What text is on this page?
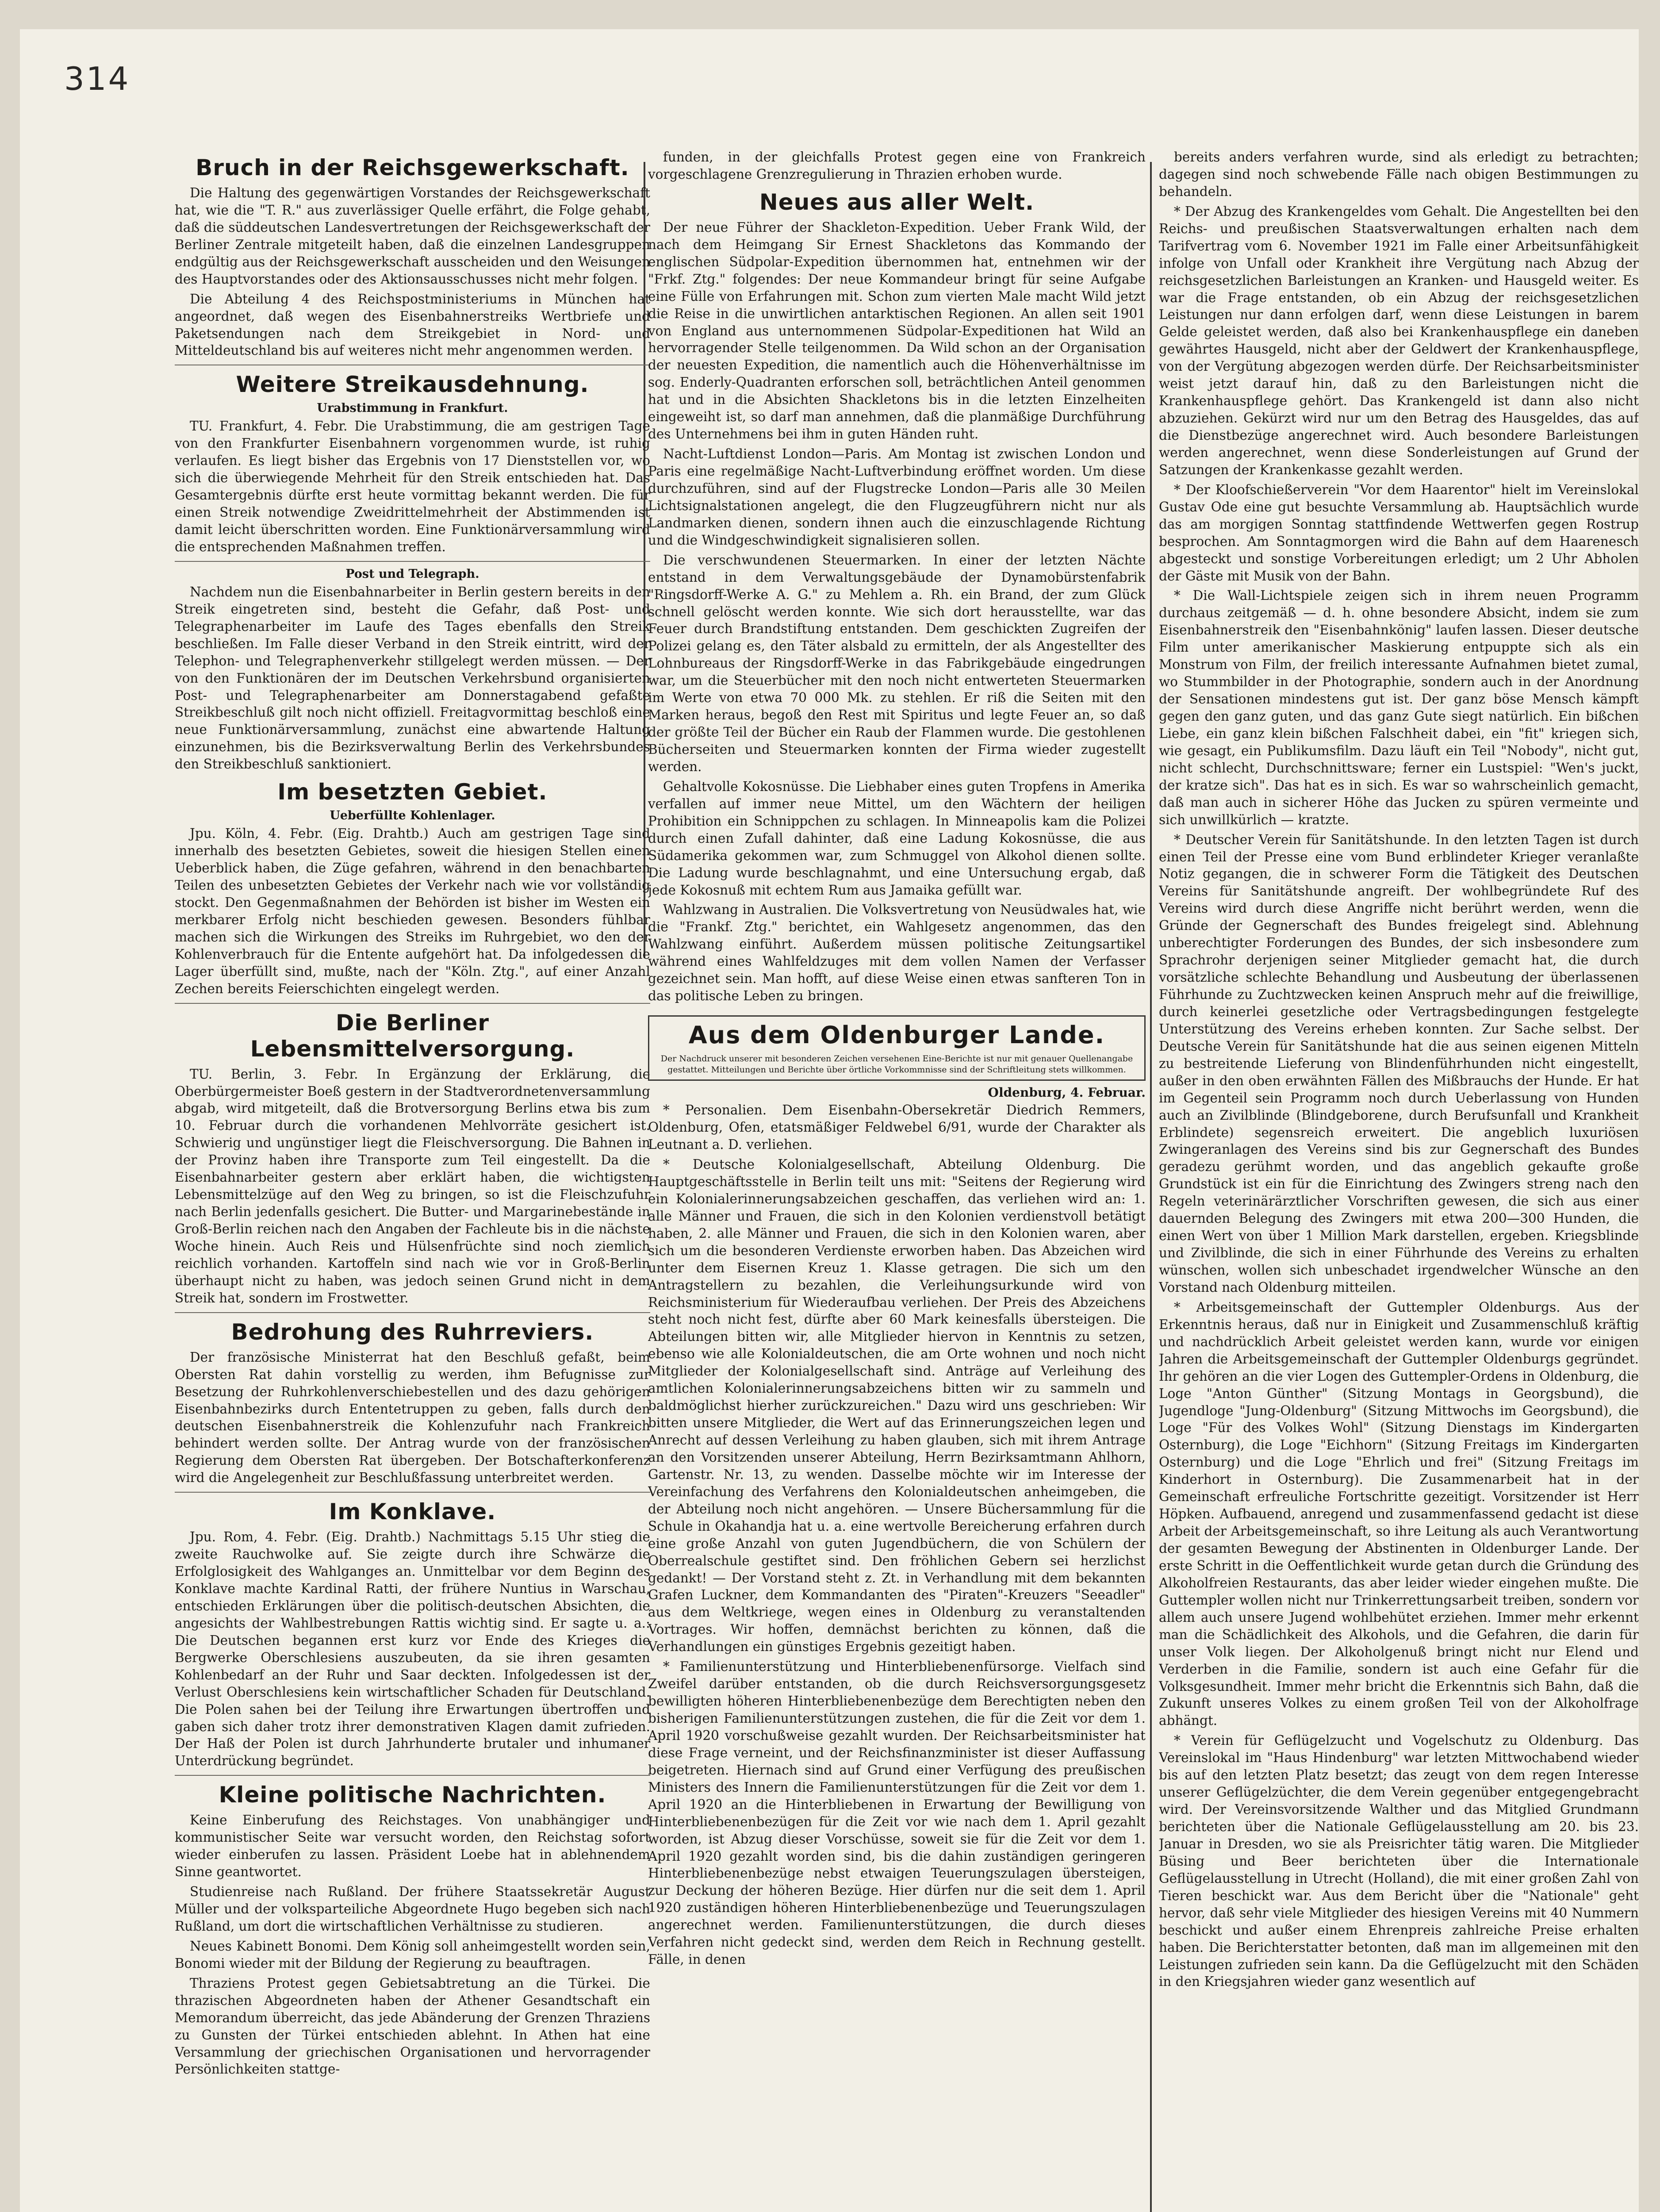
314
Bruch in der Reichsgewerkschaft.

Die Haltung des gegenwärtigen Vorstandes der Reichsgewerkschaft hat, wie die "T. R." aus zuverlässiger Quelle erfährt, die Folge gehabt, daß die süddeutschen Landesvertretungen der Reichsgewerkschaft der Berliner Zentrale mitgeteilt haben, daß die einzelnen Landesgruppen endgültig aus der Reichsgewerkschaft ausscheiden und den Weisungen des Hauptvorstandes oder des Aktionsausschusses nicht mehr folgen.

Die Abteilung 4 des Reichspostministeriums in München hat angeordnet, daß wegen des Eisenbahnerstreiks Wertbriefe und Paketsendungen nach dem Streikgebiet in Nord- und Mitteldeutschland bis auf weiteres nicht mehr angenommen werden.

Weitere Streikausdehnung.
Urabstimmung in Frankfurt.

TU. Frankfurt, 4. Febr. Die Urabstimmung, die am gestrigen Tage von den Frankfurter Eisenbahnern vorgenommen wurde, ist ruhig verlaufen. Es liegt bisher das Ergebnis von 17 Dienststellen vor, wo sich die überwiegende Mehrheit für den Streik entschieden hat. Das Gesamtergebnis dürfte erst heute vormittag bekannt werden. Die für einen Streik notwendige Zweidrittelmehrheit der Abstimmenden ist damit leicht überschritten worden. Eine Funktionärversammlung wird die entsprechenden Maßnahmen treffen.

Post und Telegraph.

Nachdem nun die Eisenbahnarbeiter in Berlin gestern bereits in den Streik eingetreten sind, besteht die Gefahr, daß Post- und Telegraphenarbeiter im Laufe des Tages ebenfalls den Streik beschließen. Im Falle dieser Verband in den Streik eintritt, wird der Telephon- und Telegraphenverkehr stillgelegt werden müssen. — Der von den Funktionären der im Deutschen Verkehrsbund organisierten Post- und Telegraphenarbeiter am Donnerstagabend gefaßte Streikbeschluß gilt noch nicht offiziell. Freitagvormittag beschloß eine neue Funktionärversammlung, zunächst eine abwartende Haltung einzunehmen, bis die Bezirksverwaltung Berlin des Verkehrsbundes den Streikbeschluß sanktioniert.

Im besetzten Gebiet.
Ueberfüllte Kohlenlager.

Jpu. Köln, 4. Febr. (Eig. Drahtb.) Auch am gestrigen Tage sind innerhalb des besetzten Gebietes, soweit die hiesigen Stellen einen Ueberblick haben, die Züge gefahren, während in den benachbarten Teilen des unbesetzten Gebietes der Verkehr nach wie vor vollständig stockt. Den Gegenmaßnahmen der Behörden ist bisher im Westen ein merkbarer Erfolg nicht beschieden gewesen. Besonders fühlbar machen sich die Wirkungen des Streiks im Ruhrgebiet, wo den der Kohlenverbrauch für die Entente aufgehört hat. Da infolgedessen die Lager überfüllt sind, mußte, nach der "Köln. Ztg.", auf einer Anzahl Zechen bereits Feierschichten eingelegt werden.

Die Berliner Lebensmittelversorgung.

TU. Berlin, 3. Febr. In Ergänzung der Erklärung, die Oberbürgermeister Boeß gestern in der Stadtverordnetenversammlung abgab, wird mitgeteilt, daß die Brotversorgung Berlins etwa bis zum 10. Februar durch die vorhandenen Mehlvorräte gesichert ist. Schwierig und ungünstiger liegt die Fleischversorgung. Die Bahnen in der Provinz haben ihre Transporte zum Teil eingestellt. Da die Eisenbahnarbeiter gestern aber erklärt haben, die wichtigsten Lebensmittelzüge auf den Weg zu bringen, so ist die Fleischzufuhr nach Berlin jedenfalls gesichert. Die Butter- und Margarinebestände in Groß-Berlin reichen nach den Angaben der Fachleute bis in die nächste Woche hinein. Auch Reis und Hülsenfrüchte sind noch ziemlich reichlich vorhanden. Kartoffeln sind nach wie vor in Groß-Berlin überhaupt nicht zu haben, was jedoch seinen Grund nicht in dem Streik hat, sondern im Frostwetter.

Bedrohung des Ruhrreviers.

Der französische Ministerrat hat den Beschluß gefaßt, beim Obersten Rat dahin vorstellig zu werden, ihm Befugnisse zur Besetzung der Ruhrkohlenverschiebestellen und des dazu gehörigen Eisenbahnbezirks durch Ententetruppen zu geben, falls durch den deutschen Eisenbahnerstreik die Kohlenzufuhr nach Frankreich behindert werden sollte. Der Antrag wurde von der französischen Regierung dem Obersten Rat übergeben. Der Botschafterkonferenz wird die Angelegenheit zur Beschlußfassung unterbreitet werden.

Im Konklave.

Jpu. Rom, 4. Febr. (Eig. Drahtb.) Nachmittags 5.15 Uhr stieg die zweite Rauchwolke auf. Sie zeigte durch ihre Schwärze die Erfolglosigkeit des Wahlganges an. Unmittelbar vor dem Beginn des Konklave machte Kardinal Ratti, der frühere Nuntius in Warschau, entschieden Erklärungen über die politisch-deutschen Absichten, die angesichts der Wahlbestrebungen Rattis wichtig sind. Er sagte u. a.: Die Deutschen begannen erst kurz vor Ende des Krieges die Bergwerke Oberschlesiens auszubeuten, da sie ihren gesamten Kohlenbedarf an der Ruhr und Saar deckten. Infolgedessen ist der Verlust Oberschlesiens kein wirtschaftlicher Schaden für Deutschland. Die Polen sahen bei der Teilung ihre Erwartungen übertroffen und gaben sich daher trotz ihrer demonstrativen Klagen damit zufrieden. Der Haß der Polen ist durch Jahrhunderte brutaler und inhumaner Unterdrückung begründet.

Kleine politische Nachrichten.

Keine Einberufung des Reichstages. Von unabhängiger und kommunistischer Seite war versucht worden, den Reichstag sofort wieder einberufen zu lassen. Präsident Loebe hat in ablehnendem Sinne geantwortet.

Studienreise nach Rußland. Der frühere Staatssekretär August Müller und der volksparteiliche Abgeordnete Hugo begeben sich nach Rußland, um dort die wirtschaftlichen Verhältnisse zu studieren.

Neues Kabinett Bonomi. Dem König soll anheimgestellt worden sein, Bonomi wieder mit der Bildung der Regierung zu beauftragen.

Thraziens Protest gegen Gebietsabtretung an die Türkei. Die thrazischen Abgeordneten haben der Athener Gesandtschaft ein Memorandum überreicht, das jede Abänderung der Grenzen Thraziens zu Gunsten der Türkei entschieden ablehnt. In Athen hat eine Versammlung der griechischen Organisationen und hervorragender Persönlichkeiten stattge-

funden, in der gleichfalls Protest gegen eine von Frankreich vorgeschlagene Grenzregulierung in Thrazien erhoben wurde.

Neues aus aller Welt.

Der neue Führer der Shackleton-Expedition. Ueber Frank Wild, der nach dem Heimgang Sir Ernest Shackletons das Kommando der englischen Südpolar-Expedition übernommen hat, entnehmen wir der "Frkf. Ztg." folgendes: Der neue Kommandeur bringt für seine Aufgabe eine Fülle von Erfahrungen mit. Schon zum vierten Male macht Wild jetzt die Reise in die unwirtlichen antarktischen Regionen. An allen seit 1901 von England aus unternommenen Südpolar-Expeditionen hat Wild an hervorragender Stelle teilgenommen. Da Wild schon an der Organisation der neuesten Expedition, die namentlich auch die Höhenverhältnisse im sog. Enderly-Quadranten erforschen soll, beträchtlichen Anteil genommen hat und in die Absichten Shackletons bis in die letzten Einzelheiten eingeweiht ist, so darf man annehmen, daß die planmäßige Durchführung des Unternehmens bei ihm in guten Händen ruht.

Nacht-Luftdienst London—Paris. Am Montag ist zwischen London und Paris eine regelmäßige Nacht-Luftverbindung eröffnet worden. Um diese durchzuführen, sind auf der Flugstrecke London—Paris alle 30 Meilen Lichtsignalstationen angelegt, die den Flugzeugführern nicht nur als Landmarken dienen, sondern ihnen auch die einzuschlagende Richtung und die Windgeschwindigkeit signalisieren sollen.

Die verschwundenen Steuermarken. In einer der letzten Nächte entstand in dem Verwaltungsgebäude der Dynamobürstenfabrik "Ringsdorff-Werke A. G." zu Mehlem a. Rh. ein Brand, der zum Glück schnell gelöscht werden konnte. Wie sich dort herausstellte, war das Feuer durch Brandstiftung entstanden. Dem geschickten Zugreifen der Polizei gelang es, den Täter alsbald zu ermitteln, der als Angestellter des Lohnbureaus der Ringsdorff-Werke in das Fabrikgebäude eingedrungen war, um die Steuerbücher mit den noch nicht entwerteten Steuermarken im Werte von etwa 70 000 Mk. zu stehlen. Er riß die Seiten mit den Marken heraus, begoß den Rest mit Spiritus und legte Feuer an, so daß der größte Teil der Bücher ein Raub der Flammen wurde. Die gestohlenen Bücherseiten und Steuermarken konnten der Firma wieder zugestellt werden.

Gehaltvolle Kokosnüsse. Die Liebhaber eines guten Tropfens in Amerika verfallen auf immer neue Mittel, um den Wächtern der heiligen Prohibition ein Schnippchen zu schlagen. In Minneapolis kam die Polizei durch einen Zufall dahinter, daß eine Ladung Kokosnüsse, die aus Südamerika gekommen war, zum Schmuggel von Alkohol dienen sollte. Die Ladung wurde beschlagnahmt, und eine Untersuchung ergab, daß jede Kokosnuß mit echtem Rum aus Jamaika gefüllt war.

Wahlzwang in Australien. Die Volksvertretung von Neusüdwales hat, wie die "Frankf. Ztg." berichtet, ein Wahlgesetz angenommen, das den Wahlzwang einführt. Außerdem müssen politische Zeitungsartikel während eines Wahlfeldzuges mit dem vollen Namen der Verfasser gezeichnet sein. Man hofft, auf diese Weise einen etwas sanfteren Ton in das politische Leben zu bringen.

Aus dem Oldenburger Lande.
Der Nachdruck unserer mit besonderen Zeichen versehenen Eine-Berichte ist nur mit genauer Quellenangabe gestattet. Mitteilungen und Berichte über örtliche Vorkommnisse sind der Schriftleitung stets willkommen.
Oldenburg, 4. Februar.

* Personalien. Dem Eisenbahn-Obersekretär Diedrich Remmers, Oldenburg, Ofen, etatsmäßiger Feldwebel 6/91, wurde der Charakter als Leutnant a. D. verliehen.

* Deutsche Kolonialgesellschaft, Abteilung Oldenburg. Die Hauptgeschäftsstelle in Berlin teilt uns mit: "Seitens der Regierung wird ein Kolonialerinnerungsabzeichen geschaffen, das verliehen wird an: 1. alle Männer und Frauen, die sich in den Kolonien verdienstvoll betätigt haben, 2. alle Männer und Frauen, die sich in den Kolonien waren, aber sich um die besonderen Verdienste erworben haben. Das Abzeichen wird unter dem Eisernen Kreuz 1. Klasse getragen. Die sich um den Antragstellern zu bezahlen, die Verleihungsurkunde wird von Reichsministerium für Wiederaufbau verliehen. Der Preis des Abzeichens steht noch nicht fest, dürfte aber 60 Mark keinesfalls übersteigen. Die Abteilungen bitten wir, alle Mitglieder hiervon in Kenntnis zu setzen, ebenso wie alle Kolonialdeutschen, die am Orte wohnen und noch nicht Mitglieder der Kolonialgesellschaft sind. Anträge auf Verleihung des amtlichen Kolonialerinnerungsabzeichens bitten wir zu sammeln und baldmöglichst hierher zurückzureichen." Dazu wird uns geschrieben: Wir bitten unsere Mitglieder, die Wert auf das Erinnerungszeichen legen und Anrecht auf dessen Verleihung zu haben glauben, sich mit ihrem Antrage an den Vorsitzenden unserer Abteilung, Herrn Bezirksamtmann Ahlhorn, Gartenstr. Nr. 13, zu wenden. Dasselbe möchte wir im Interesse der Vereinfachung des Verfahrens den Kolonialdeutschen anheimgeben, die der Abteilung noch nicht angehören. — Unsere Büchersammlung für die Schule in Okahandja hat u. a. eine wertvolle Bereicherung erfahren durch eine große Anzahl von guten Jugendbüchern, die von Schülern der Oberrealschule gestiftet sind. Den fröhlichen Gebern sei herzlichst gedankt! — Der Vorstand steht z. Zt. in Verhandlung mit dem bekannten Grafen Luckner, dem Kommandanten des "Piraten"-Kreuzers "Seeadler" aus dem Weltkriege, wegen eines in Oldenburg zu veranstaltenden Vortrages. Wir hoffen, demnächst berichten zu können, daß die Verhandlungen ein günstiges Ergebnis gezeitigt haben.

* Familienunterstützung und Hinterbliebenenfürsorge. Vielfach sind Zweifel darüber entstanden, ob die durch Reichsversorgungsgesetz bewilligten höheren Hinterbliebenenbezüge dem Berechtigten neben den bisherigen Familienunterstützungen zustehen, die für die Zeit vor dem 1. April 1920 vorschußweise gezahlt wurden. Der Reichsarbeitsminister hat diese Frage verneint, und der Reichsfinanzminister ist dieser Auffassung beigetreten. Hiernach sind auf Grund einer Verfügung des preußischen Ministers des Innern die Familienunterstützungen für die Zeit vor dem 1. April 1920 an die Hinterbliebenen in Erwartung der Bewilligung von Hinterbliebenenbezügen für die Zeit vor wie nach dem 1. April gezahlt worden, ist Abzug dieser Vorschüsse, soweit sie für die Zeit vor dem 1. April 1920 gezahlt worden sind, bis die dahin zuständigen geringeren Hinterbliebenenbezüge nebst etwaigen Teuerungszulagen übersteigen, zur Deckung der höheren Bezüge. Hier dürfen nur die seit dem 1. April 1920 zuständigen höheren Hinterbliebenenbezüge und Teuerungszulagen angerechnet werden. Familienunterstützungen, die durch dieses Verfahren nicht gedeckt sind, werden dem Reich in Rechnung gestellt. Fälle, in denen

bereits anders verfahren wurde, sind als erledigt zu betrachten; dagegen sind noch schwebende Fälle nach obigen Bestimmungen zu behandeln.

* Der Abzug des Krankengeldes vom Gehalt. Die Angestellten bei den Reichs- und preußischen Staatsverwaltungen erhalten nach dem Tarifvertrag vom 6. November 1921 im Falle einer Arbeitsunfähigkeit infolge von Unfall oder Krankheit ihre Vergütung nach Abzug der reichsgesetzlichen Barleistungen an Kranken- und Hausgeld weiter. Es war die Frage entstanden, ob ein Abzug der reichsgesetzlichen Leistungen nur dann erfolgen darf, wenn diese Leistungen in barem Gelde geleistet werden, daß also bei Krankenhauspflege ein daneben gewährtes Hausgeld, nicht aber der Geldwert der Krankenhauspflege, von der Vergütung abgezogen werden dürfe. Der Reichsarbeitsminister weist jetzt darauf hin, daß zu den Barleistungen nicht die Krankenhauspflege gehört. Das Krankengeld ist dann also nicht abzuziehen. Gekürzt wird nur um den Betrag des Hausgeldes, das auf die Dienstbezüge angerechnet wird. Auch besondere Barleistungen werden angerechnet, wenn diese Sonderleistungen auf Grund der Satzungen der Krankenkasse gezahlt werden.

* Der Kloofschießerverein "Vor dem Haarentor" hielt im Vereinslokal Gustav Ode eine gut besuchte Versammlung ab. Hauptsächlich wurde das am morgigen Sonntag stattfindende Wettwerfen gegen Rostrup besprochen. Am Sonntagmorgen wird die Bahn auf dem Haarenesch abgesteckt und sonstige Vorbereitungen erledigt; um 2 Uhr Abholen der Gäste mit Musik von der Bahn.

* Die Wall-Lichtspiele zeigen sich in ihrem neuen Programm durchaus zeitgemäß — d. h. ohne besondere Absicht, indem sie zum Eisenbahnerstreik den "Eisenbahnkönig" laufen lassen. Dieser deutsche Film unter amerikanischer Maskierung entpuppte sich als ein Monstrum von Film, der freilich interessante Aufnahmen bietet zumal, wo Stummbilder in der Photographie, sondern auch in der Anordnung der Sensationen mindestens gut ist. Der ganz böse Mensch kämpft gegen den ganz guten, und das ganz Gute siegt natürlich. Ein bißchen Liebe, ein ganz klein bißchen Falschheit dabei, ein "fit" kriegen sich, wie gesagt, ein Publikumsfilm. Dazu läuft ein Teil "Nobody", nicht gut, nicht schlecht, Durchschnittsware; ferner ein Lustspiel: "Wen's juckt, der kratze sich". Das hat es in sich. Es war so wahrscheinlich gemacht, daß man auch in sicherer Höhe das Jucken zu spüren vermeinte und sich unwillkürlich — kratzte.

* Deutscher Verein für Sanitätshunde. In den letzten Tagen ist durch einen Teil der Presse eine vom Bund erblindeter Krieger veranlaßte Notiz gegangen, die in schwerer Form die Tätigkeit des Deutschen Vereins für Sanitätshunde angreift. Der wohlbegründete Ruf des Vereins wird durch diese Angriffe nicht berührt werden, wenn die Gründe der Gegnerschaft des Bundes freigelegt sind. Ablehnung unberechtigter Forderungen des Bundes, der sich insbesondere zum Sprachrohr derjenigen seiner Mitglieder gemacht hat, die durch vorsätzliche schlechte Behandlung und Ausbeutung der überlassenen Führhunde zu Zuchtzwecken keinen Anspruch mehr auf die freiwillige, durch keinerlei gesetzliche oder Vertragsbedingungen festgelegte Unterstützung des Vereins erheben konnten. Zur Sache selbst. Der Deutsche Verein für Sanitätshunde hat die aus seinen eigenen Mitteln zu bestreitende Lieferung von Blindenführhunden nicht eingestellt, außer in den oben erwähnten Fällen des Mißbrauchs der Hunde. Er hat im Gegenteil sein Programm noch durch Ueberlassung von Hunden auch an Zivilblinde (Blindgeborene, durch Berufsunfall und Krankheit Erblindete) segensreich erweitert. Die angeblich luxuriösen Zwingeranlagen des Vereins sind bis zur Gegnerschaft des Bundes geradezu gerühmt worden, und das angeblich gekaufte große Grundstück ist ein für die Einrichtung des Zwingers streng nach den Regeln veterinärärztlicher Vorschriften gewesen, die sich aus einer dauernden Belegung des Zwingers mit etwa 200—300 Hunden, die einen Wert von über 1 Million Mark darstellen, ergeben. Kriegsblinde und Zivilblinde, die sich in einer Führhunde des Vereins zu erhalten wünschen, wollen sich unbeschadet irgendwelcher Wünsche an den Vorstand nach Oldenburg mitteilen.

* Arbeitsgemeinschaft der Guttempler Oldenburgs. Aus der Erkenntnis heraus, daß nur in Einigkeit und Zusammenschluß kräftig und nachdrücklich Arbeit geleistet werden kann, wurde vor einigen Jahren die Arbeitsgemeinschaft der Guttempler Oldenburgs gegründet. Ihr gehören an die vier Logen des Guttempler-Ordens in Oldenburg, die Loge "Anton Günther" (Sitzung Montags in Georgsbund), die Jugendloge "Jung-Oldenburg" (Sitzung Mittwochs im Georgsbund), die Loge "Für des Volkes Wohl" (Sitzung Dienstags im Kindergarten Osternburg), die Loge "Eichhorn" (Sitzung Freitags im Kindergarten Osternburg) und die Loge "Ehrlich und frei" (Sitzung Freitags im Kinderhort in Osternburg). Die Zusammenarbeit hat in der Gemeinschaft erfreuliche Fortschritte gezeitigt. Vorsitzender ist Herr Höpken. Aufbauend, anregend und zusammenfassend gedacht ist diese Arbeit der Arbeitsgemeinschaft, so ihre Leitung als auch Verantwortung der gesamten Bewegung der Abstinenten in Oldenburger Lande. Der erste Schritt in die Oeffentlichkeit wurde getan durch die Gründung des Alkoholfreien Restaurants, das aber leider wieder eingehen mußte. Die Guttempler wollen nicht nur Trinkerrettungsarbeit treiben, sondern vor allem auch unsere Jugend wohlbehütet erziehen. Immer mehr erkennt man die Schädlichkeit des Alkohols, und die Gefahren, die darin für unser Volk liegen. Der Alkoholgenuß bringt nicht nur Elend und Verderben in die Familie, sondern ist auch eine Gefahr für die Volksgesundheit. Immer mehr bricht die Erkenntnis sich Bahn, daß die Zukunft unseres Volkes zu einem großen Teil von der Alkoholfrage abhängt.

* Verein für Geflügelzucht und Vogelschutz zu Oldenburg. Das Vereinslokal im "Haus Hindenburg" war letzten Mittwochabend wieder bis auf den letzten Platz besetzt; das zeugt von dem regen Interesse unserer Geflügelzüchter, die dem Verein gegenüber entgegengebracht wird. Der Vereinsvorsitzende Walther und das Mitglied Grundmann berichteten über die Nationale Geflügelausstellung am 20. bis 23. Januar in Dresden, wo sie als Preisrichter tätig waren. Die Mitglieder Büsing und Beer berichteten über die Internationale Geflügelausstellung in Utrecht (Holland), die mit einer großen Zahl von Tieren beschickt war. Aus dem Bericht über die "Nationale" geht hervor, daß sehr viele Mitglieder des hiesigen Vereins mit 40 Nummern beschickt und außer einem Ehrenpreis zahlreiche Preise erhalten haben. Die Berichterstatter betonten, daß man im allgemeinen mit den Leistungen zufrieden sein kann. Da die Geflügelzucht mit den Schäden in den Kriegsjahren wieder ganz wesentlich auf
